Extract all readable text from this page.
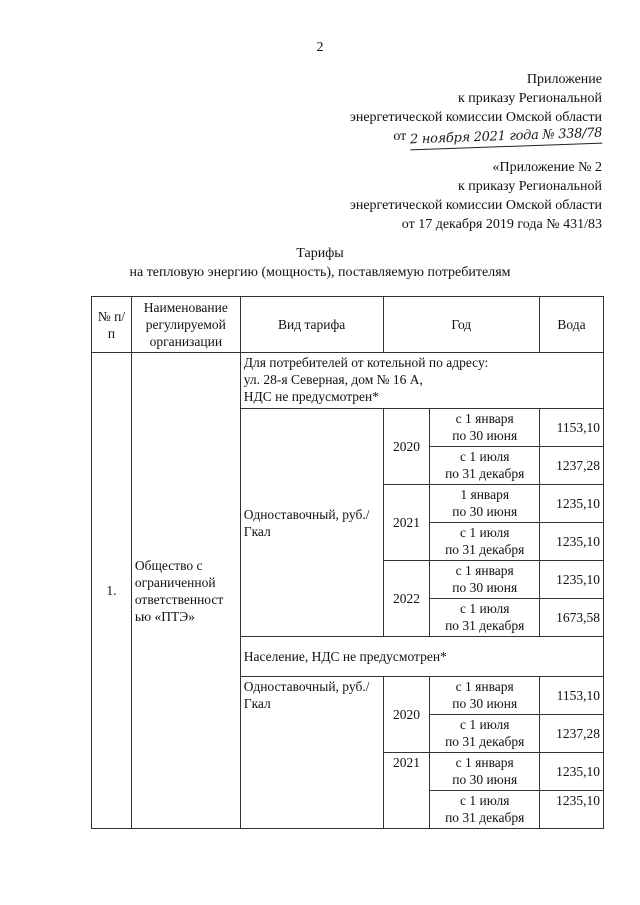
2
Приложение
к приказу Региональной
энергетической комиссии Омской области
от 2 ноября 2021 года № 338/78
«Приложение № 2
к приказу Региональной
энергетической комиссии Омской области
от 17 декабря 2019 года № 431/83
Тарифы
на тепловую энергию (мощность), поставляемую потребителям
№ п/п	Наименование регулируемой организации	Вид тарифа	Год		Вода
1.	Общество с ограниченной ответственност ью «ПТЭ»	Для потребителей от котельной по адресу:
ул. 28-я Северная, дом № 16 А,
НДС не предусмотрен*			

		Одноставочный, руб./Гкал	2020	с 1 января
по 30 июня	1153,10

				с 1 июля
по 31 декабря	1237,28
			2021	1 января
по 30 июня	1235,10

				с 1 июля
по 31 декабря	1235,10
			2022	с 1 января
по 30 июня	1235,10

				с 1 июля
по 31 декабря	1673,58
		Население, НДС не предусмотрен*			
		Одноставочный, руб./Гкал	2020	с 1 января
по 30 июня	1153,10

				с 1 июля
по 31 декабря	1237,28
			2021	с 1 января
по 30 июня	1235,10

				с 1 июля
по 31 декабря	1235,10
